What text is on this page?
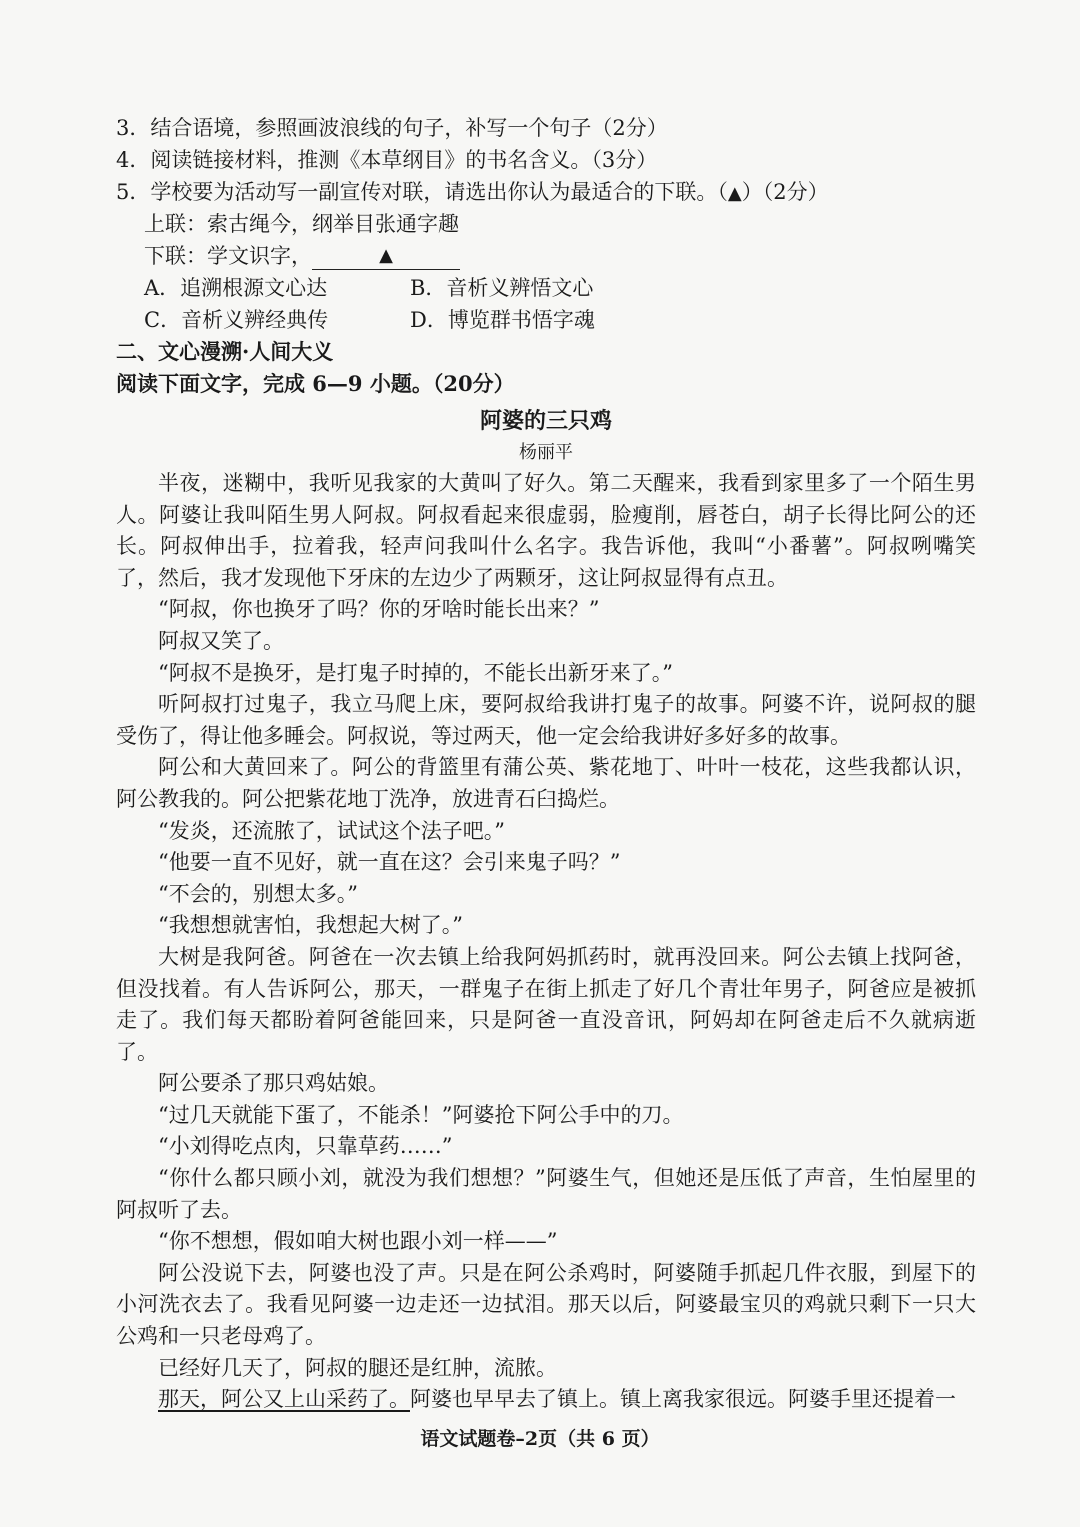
3．结合语境，参照画波浪线的句子，补写一个句子（2分）
4．阅读链接材料，推测《本草纲目》的书名含义。（3分）
5．学校要为活动写一副宣传对联，请选出你认为最适合的下联。（▲）（2分）
上联：索古绳今，纲举目张通字趣
下联：学文识字，	▲
A．追溯根源文心达	B．音析义辨悟文心
C．音析义辨经典传	D．博览群书悟字魂
二、文心漫溯·人间大义
阅读下面文字，完成 6—9 小题。（20分）
阿婆的三只鸡
杨丽平

半夜，迷糊中，我听见我家的大黄叫了好久。第二天醒来，我看到家里多了一个陌生男人。阿婆让我叫陌生男人阿叔。阿叔看起来很虚弱，脸瘦削，唇苍白，胡子长得比阿公的还长。阿叔伸出手，拉着我，轻声问我叫什么名字。我告诉他，我叫“小番薯”。阿叔咧嘴笑了，然后，我才发现他下牙床的左边少了两颗牙，这让阿叔显得有点丑。

“阿叔，你也换牙了吗？你的牙啥时能长出来？”

阿叔又笑了。

“阿叔不是换牙，是打鬼子时掉的，不能长出新牙来了。”

听阿叔打过鬼子，我立马爬上床，要阿叔给我讲打鬼子的故事。阿婆不许，说阿叔的腿受伤了，得让他多睡会。阿叔说，等过两天，他一定会给我讲好多好多的故事。

阿公和大黄回来了。阿公的背篮里有蒲公英、紫花地丁、叶叶一枝花，这些我都认识，阿公教我的。阿公把紫花地丁洗净，放进青石臼捣烂。

“发炎，还流脓了，试试这个法子吧。”

“他要一直不见好，就一直在这？会引来鬼子吗？”

“不会的，别想太多。”

“我想想就害怕，我想起大树了。”

大树是我阿爸。阿爸在一次去镇上给我阿妈抓药时，就再没回来。阿公去镇上找阿爸，但没找着。有人告诉阿公，那天，一群鬼子在街上抓走了好几个青壮年男子，阿爸应是被抓走了。我们每天都盼着阿爸能回来，只是阿爸一直没音讯，阿妈却在阿爸走后不久就病逝了。

阿公要杀了那只鸡姑娘。

“过几天就能下蛋了，不能杀！”阿婆抢下阿公手中的刀。

“小刘得吃点肉，只靠草药……”

“你什么都只顾小刘，就没为我们想想？”阿婆生气，但她还是压低了声音，生怕屋里的阿叔听了去。

“你不想想，假如咱大树也跟小刘一样——”

阿公没说下去，阿婆也没了声。只是在阿公杀鸡时，阿婆随手抓起几件衣服，到屋下的小河洗衣去了。我看见阿婆一边走还一边拭泪。那天以后，阿婆最宝贝的鸡就只剩下一只大公鸡和一只老母鸡了。

已经好几天了，阿叔的腿还是红肿，流脓。

那天，阿公又上山采药了。阿婆也早早去了镇上。镇上离我家很远。阿婆手里还提着一

语文试题卷–2页（共 6 页）
